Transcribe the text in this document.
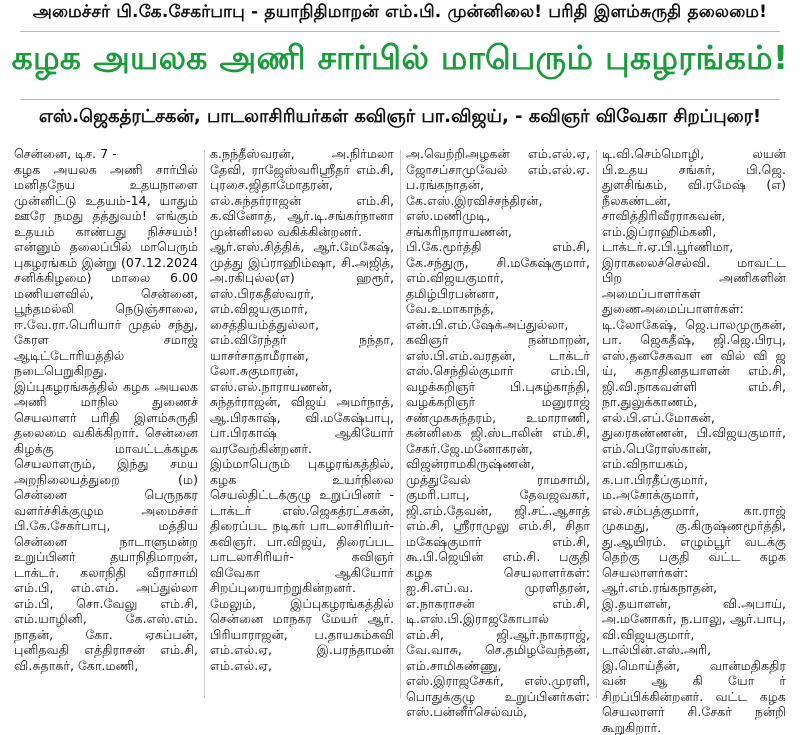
அமைச்சர் பி.கே.சேகர்பாபு - தயாநிதிமாறன் எம்.பி. முன்னிலை! பரிதி இளம்சுருதி தலைமை!
கழக அயலக அணி சார்பில் மாபெரும் புகழரங்கம்!
எஸ்.ஜெகத்ரட்சகன், பாடலாசிரியர்கள் கவிஞர் பா.விஜய், - கவிஞர் விவேகா சிறப்புரை!

சென்னை, டிச. 7 -
கழக அயலக அணி சார்பில் மனிதநேய உதயநாளை முன்னிட்டு உதயம்-14, யாதும் ஊரே நமது தத்துவம்! எங்கும் உதயம் காண்பது நிச்சயம்! என்னும் தலைப்பில் மாபெரும் புகழரங்கம் இன்று (07.12.2024 சனிக்கிழமை) மாலை 6.00 மணியளவில், சென்னை, பூந்தமல்லி நெடுஞ்சாலை, ஈ.வே.ரா.பெரியார் முதல் சந்து, கேரள சமாஜ் ஆடிட்டோரியத்தில் நடைபெறுகிறது.
இப்புகழரங்கத்தில் கழக அயலக அணி மாநில துணைச் செயலாளர் பரிதி இளம்சுருதி தலைமை வகிக்கிறார். சென்னை கிழக்கு மாவட்டக்கழக செயலாளரும், இந்து சமய அறநிலையத்துறை (ம) சென்னை பெருநகர வளர்ச்சிக்குழும அமைச்சர் பி.கே.சேகர்பாபு, மத்திய சென்னை நாடாளுமன்ற உறுப்பினர் தயாநிதிமாறன், டாக்டர். கலாநிதி வீராசாமி எம்.பி, எம்.எம். அப்துல்லா எம்.பி, சொ.வேலு எம்.சி, எம்.யாழினி, கே.எஸ்.எம். நாதன், கோ. ஏகப்பன், புனிதவதி எத்திராசன் எம்.சி, வி.சுதாகர், கோ.மணி,

க.நந்தீஸ்வரன், அ.நிர்மலா தேவி, ராஜேஸ்வரிஸ்ரீதர் எம்.சி, புரசை.ஜிதாமோதரன், எல்.சுந்தர்ராஜன் எம்.சி, க.வினோத், ஆர்.டி.சங்கர்நானா முன்னிலை வகிக்கின்றனர்.
ஆர்.எஸ்.சித்திக், ஆர்.மேகேஷ், முத்து இப்ராஹிம்ஷா, சி.அஜித், அ.ரகிபுல்ல(எ) ஹரூர், எஸ்.பிரகதீஸ்வரர், எம்.விஜயகுமார், சைத்தியம்த்துல்லா, எம்.விரேந்தர் நந்தா, யாசர்சாதாமீரான், லோ.சுகுமாரன், எஸ்.எல்.நாராயணன், சுந்தர்ராஜன், விஜய் அமர்நாத், ஆ.பிரகாஷ், வி.மகேஷ்பாபு, பா.பிரகாஷ் ஆகியோர் வரவேற்கின்றனர்.
இம்மாபெரும் புகழரங்கத்தில், கழக உயர்நிலை செயல்திட்டக்குழு உறுப்பினர் - டாக்டர் எஸ்.ஜெகத்ரட்சகன், திரைப்பட நடிகர் பாடலாசிரியர்- கவிஞர். பா.விஜய், திரைப்பட பாடலாசிரியர்- கவிஞர் விவேகா ஆகியோர் சிறப்புரையாற்றுகின்றனர்.
மேலும், இப்புகழரங்கத்தில் சென்னை மாநகர மேயர் ஆர். பிரியாராஜன், ப.தாயகம்கவி எம்.எல்.ஏ, இ.பரந்தாமன் எம்.எல்.ஏ,

அ.வெற்றிஅழகன் எம்.எல்.ஏ, ஜோசப்சாமுவேல் எம்.எல்.ஏ. ப.ரங்கநாதன், கே.எஸ்.இரவிச்சந்திரன், எஸ்.மணிமுடி, சங்கரிநாராயணன், பி.கே.மூர்த்தி எம்.சி, கே.சந்துரு, சி.மகேஷ்குமார், எம்.விஜயகுமார், தமிழ்பிரபன்னா, வே.உமாகாந்த், என்.பி.எம்.ஷேக்அப்துல்லா, கவிஞர் நன்மாறன், எஸ்.பி.எம்.வரதன், டாக்டர் எஸ்.செந்தில்குமார் எம்.பி, வழக்கறிஞர் பி.புகழ்காந்தி, வழக்கறிஞர் மனுராஜ் சண்முகசுந்தரம், உமாராணி, கன்னிகை ஜி.ஸ்டாலின் எம்.சி, சேகர்.ஜே.மனோகரன், விஜன்ராமகிருஷ்ணன், முத்துவேல் ராமசாமி, குமரி.பாபு, தேவஜவகர், ஜி.எம்.தேவன், ஜி.சட்.ஆசாத் எம்.சி, ஸ்ரீராமுலு எம்.சி, சிதா மகேஷ்குமார் எம்.சி, கூ.பி.ஜெயின் எம்.சி. பகுதி கழக செயலாளர்கள்: ஐ.சி.எப்.வ. முரளிதரன், எ.நாகராசன் எம்.சி, டி.எஸ்.பி.இராஜகோபால் எம்.சி, ஜி.ஆர்.நாகராஜ், வே.வாசு, செ.தமிழவேந்தன், எம்.சாமிகண்ணு, எஸ்.இராஜசேகர், எஸ்.முரளி, பொதுக்குழு உறுப்பினர்கள்: எஸ்.பன்னீர்செல்வம்,

டி.வி.செம்மொழி, லயன் பி.உதய சங்கர், பி.ஜெ. துளசிங்கம், வி.ரமேஷ் (எ) நீலகண்டன், சாவித்திரிவீரராகவன், எம்.இப்ராஹிம்கனி, டாக்டர்.ஏ.பி.பூர்ணிமா, இராகலைச்செல்வி. மாவட்ட பிற அணிகளின் அமைப்பாளர்கள் துணைஅமைப்பாளர்கள்: டி.லோகேஷ், ஜெ.பாலமுருகன், பா. ஜெகதீஷ், ஜி.ஜெ.பிரபு, எஸ்.தனசேகவா ன வில் வி ஜ ய், சுதாதினதயாளன் எம்.சி, ஜி.வி.நாகவள்ளி எம்.சி, நா.துலுக்காணம், எல்.பி.எப்.மோகன், துரைகண்ணன், பி.விஜயகுமார், எம்.பெரோஸ்கான், எம்.விநாயகம், க.பா.பிரதீப்குமார், ம.அசோக்குமார், எல்.சம்பத்குமார், கா.ராஜ் முகமது, கு.கிருஷ்ணமூர்த்தி, து.ஆயிரம். எழும்பூர் வடக்கு தெற்கு பகுதி வட்ட கழக செயலாளர்கள்: ஆர்.எம்.ரங்கநாதன், இ.தயாளன், வி.அபாய், அ.மனோகர், ந.பாலு, ஆர்.பாபு, வி.விஜயகுமார், டால்பின்.எஸ்.அரி, இ.மொய்தீன், வான்மதிகதிர வன் ஆ கி யோ ர் சிறப்பிக்கின்றனர். வட்ட கழக செயலாளர் சி.சேகர் நன்றி கூறுகிறார்.
